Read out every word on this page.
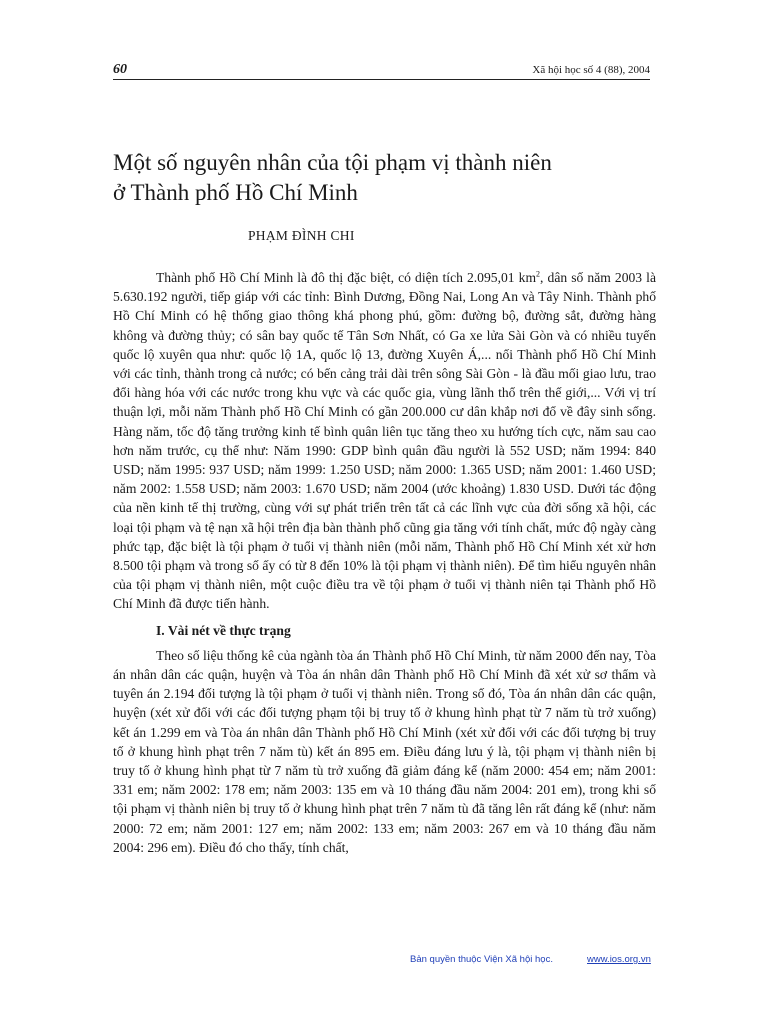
60	Xã hội học số 4 (88), 2004
Một số nguyên nhân của tội phạm vị thành niên
ở Thành phố Hồ Chí Minh
PHẠM ĐÌNH CHI

Thành phố Hồ Chí Minh là đô thị đặc biệt, có diện tích 2.095,01 $km^2$, dân số năm 2003 là 5.630.192 người, tiếp giáp với các tỉnh: Bình Dương, Đồng Nai, Long An và Tây Ninh. Thành phố Hồ Chí Minh có hệ thống giao thông khá phong phú, gồm: đường bộ, đường sắt, đường hàng không và đường thủy; có sân bay quốc tế Tân Sơn Nhất, có Ga xe lửa Sài Gòn và có nhiều tuyến quốc lộ xuyên qua như: quốc lộ 1A, quốc lộ 13, đường Xuyên Á,... nối Thành phố Hồ Chí Minh với các tỉnh, thành trong cả nước; có bến cảng trải dài trên sông Sài Gòn - là đầu mối giao lưu, trao đổi hàng hóa với các nước trong khu vực và các quốc gia, vùng lãnh thổ trên thế giới,... Với vị trí thuận lợi, mỗi năm Thành phố Hồ Chí Minh có gần 200.000 cư dân khắp nơi đổ về đây sinh sống. Hàng năm, tốc độ tăng trưởng kinh tế bình quân liên tục tăng theo xu hướng tích cực, năm sau cao hơn năm trước, cụ thể như: Năm 1990: GDP bình quân đầu người là 552 USD; năm 1994: 840 USD; năm 1995: 937 USD; năm 1999: 1.250 USD; năm 2000: 1.365 USD; năm 2001: 1.460 USD; năm 2002: 1.558 USD; năm 2003: 1.670 USD; năm 2004 (ước khoảng) 1.830 USD. Dưới tác động của nền kinh tế thị trường, cùng với sự phát triển trên tất cả các lĩnh vực của đời sống xã hội, các loại tội phạm và tệ nạn xã hội trên địa bàn thành phố cũng gia tăng với tính chất, mức độ ngày càng phức tạp, đặc biệt là tội phạm ở tuổi vị thành niên (mỗi năm, Thành phố Hồ Chí Minh xét xử hơn 8.500 tội phạm và trong số ấy có từ 8 đến 10% là tội phạm vị thành niên). Để tìm hiểu nguyên nhân của tội phạm vị thành niên, một cuộc điều tra về tội phạm ở tuổi vị thành niên tại Thành phố Hồ Chí Minh đã được tiến hành.

I. Vài nét về thực trạng

Theo số liệu thống kê của ngành tòa án Thành phố Hồ Chí Minh, từ năm 2000 đến nay, Tòa án nhân dân các quận, huyện và Tòa án nhân dân Thành phố Hồ Chí Minh đã xét xử sơ thẩm và tuyên án 2.194 đối tượng là tội phạm ở tuổi vị thành niên. Trong số đó, Tòa án nhân dân các quận, huyện (xét xử đối với các đối tượng phạm tội bị truy tố ở khung hình phạt từ 7 năm tù trở xuống) kết án 1.299 em và Tòa án nhân dân Thành phố Hồ Chí Minh (xét xử đối với các đối tượng bị truy tố ở khung hình phạt trên 7 năm tù) kết án 895 em. Điều đáng lưu ý là, tội phạm vị thành niên bị truy tố ở khung hình phạt từ 7 năm tù trở xuống đã giảm đáng kể (năm 2000: 454 em; năm 2001: 331 em; năm 2002: 178 em; năm 2003: 135 em và 10 tháng đầu năm 2004: 201 em), trong khi số tội phạm vị thành niên bị truy tố ở khung hình phạt trên 7 năm tù đã tăng lên rất đáng kể (như: năm 2000: 72 em; năm 2001: 127 em; năm 2002: 133 em; năm 2003: 267 em và 10 tháng đầu năm 2004: 296 em). Điều đó cho thấy, tính chất,

Bản quyền thuộc Viện Xã hội học.	www.ios.org.vn
